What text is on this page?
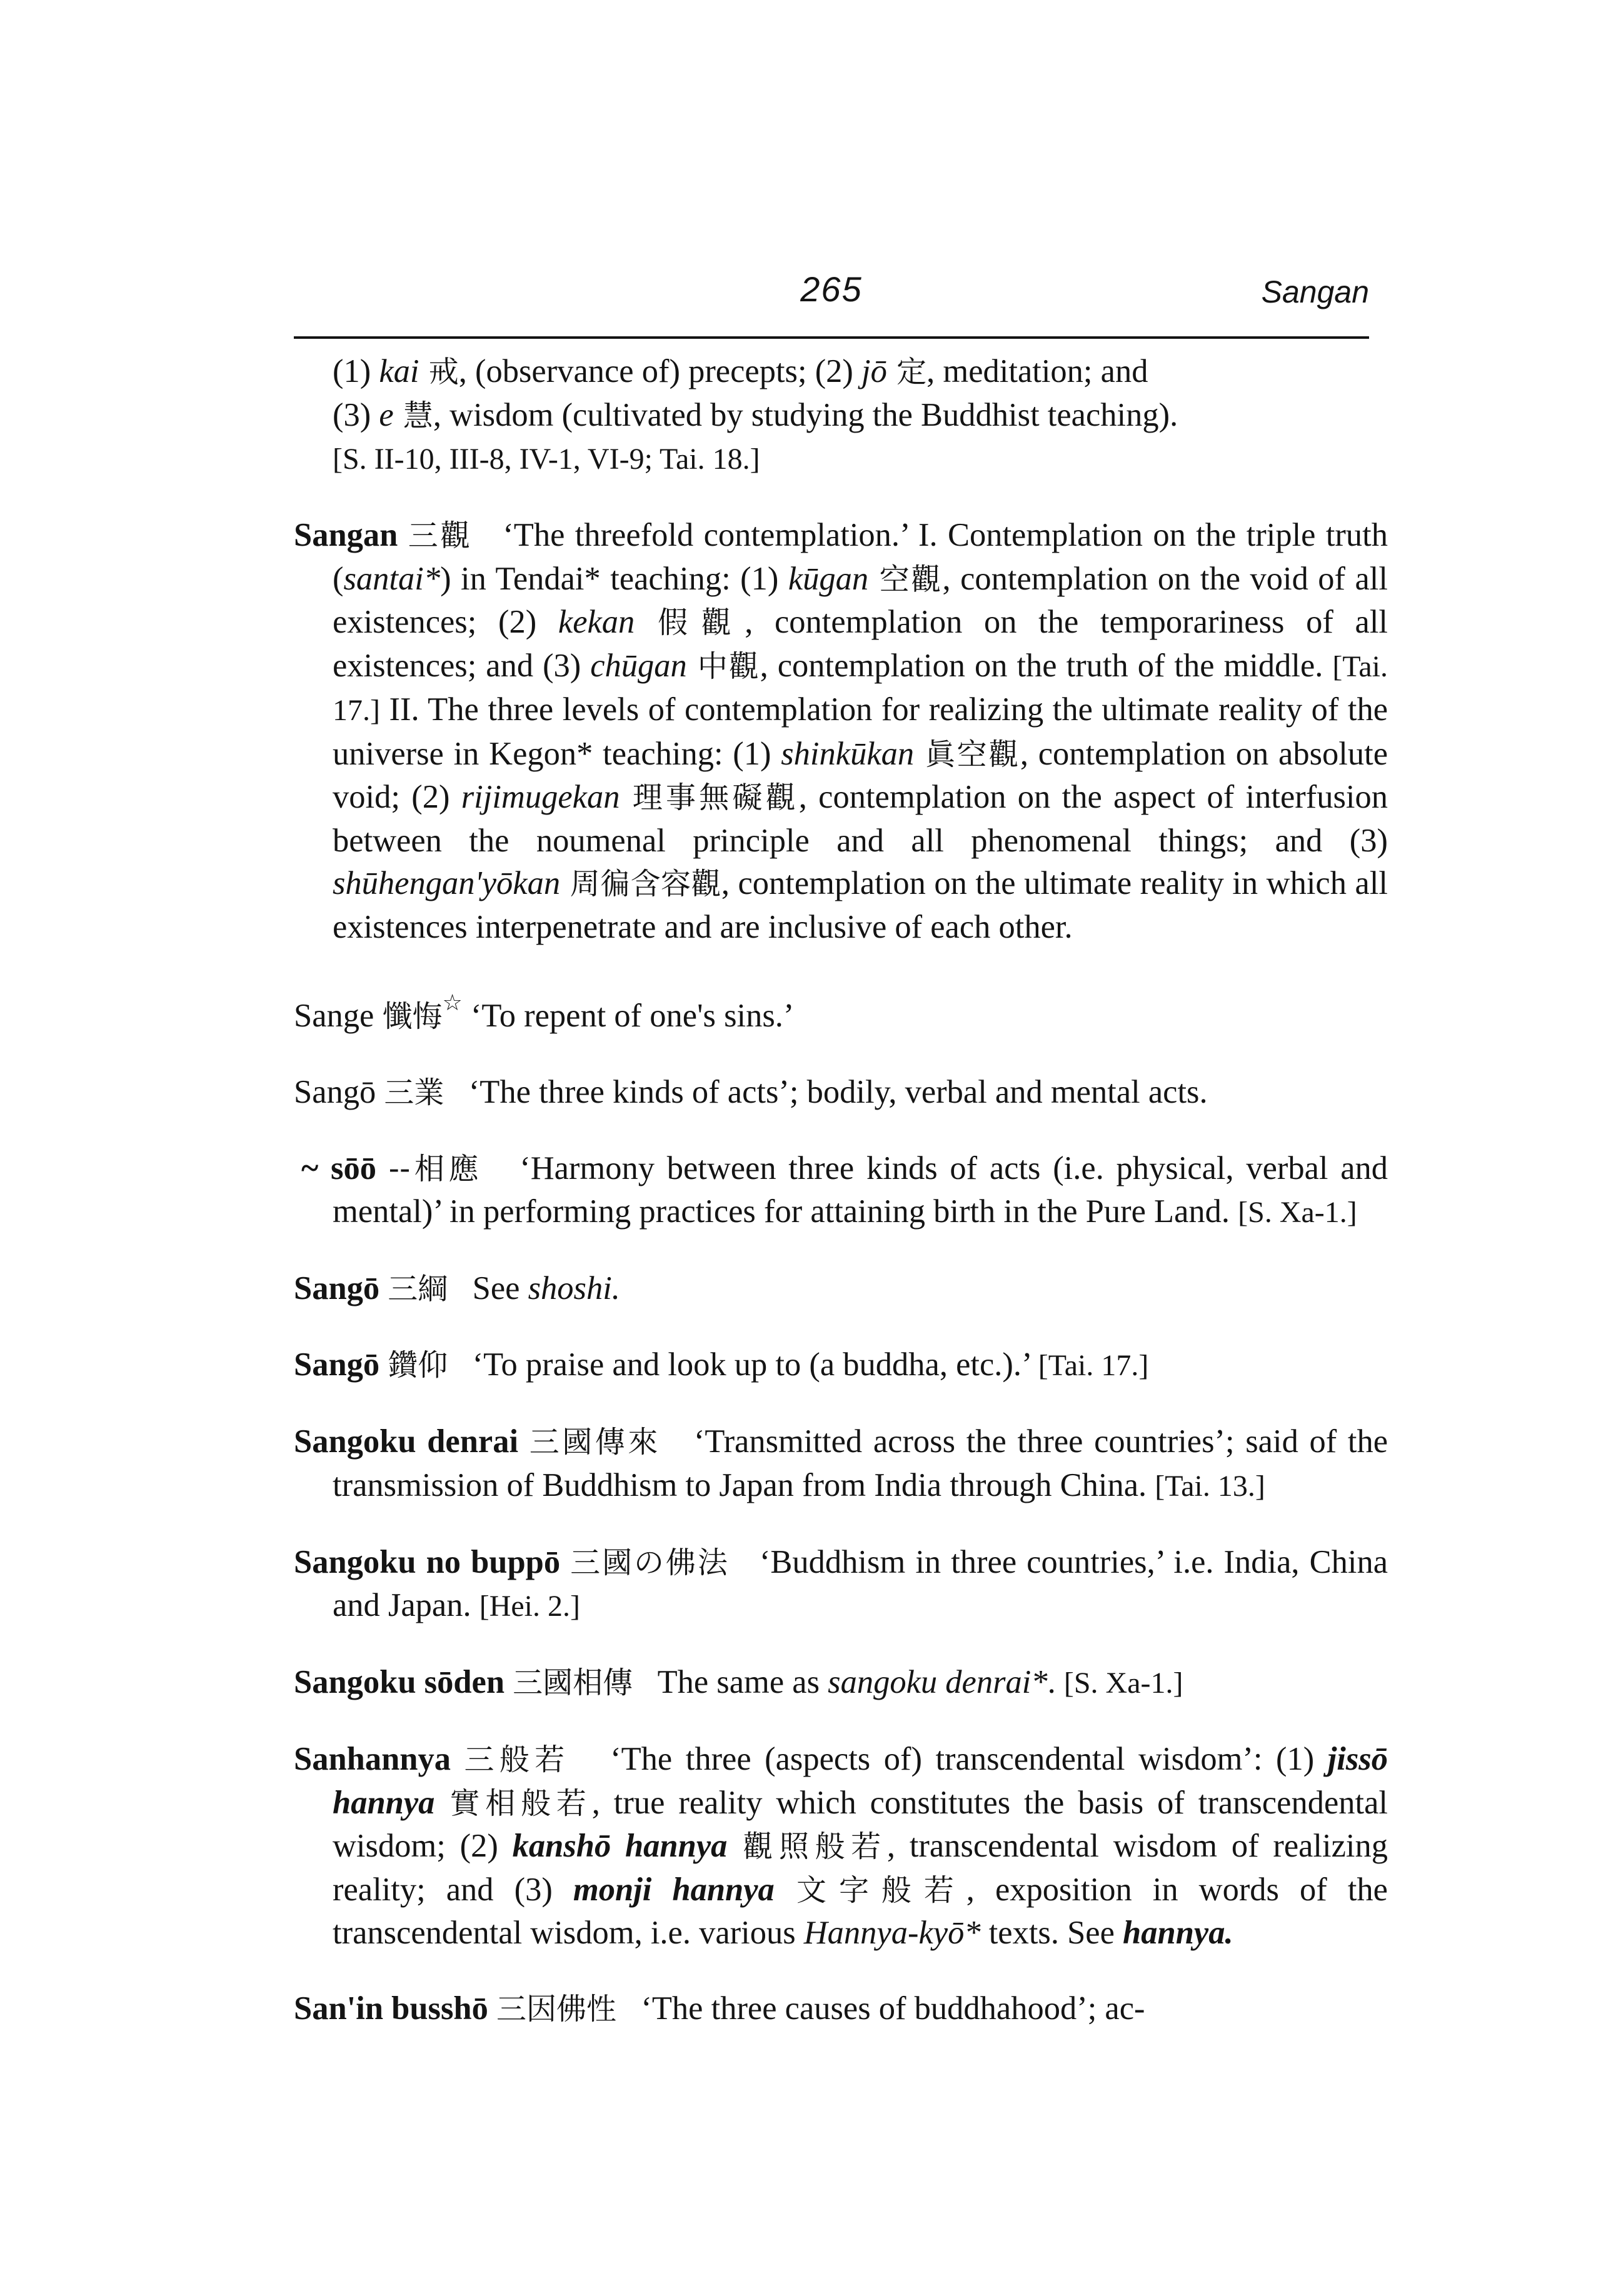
265	Sangan

(1) kai 戒, (observance of) precepts; (2) jō 定, meditation; and
(3) e 慧, wisdom (cultivated by studying the Buddhist teaching).
[S. II-10, III-8, IV-1, VI-9; Tai. 18.]

Sangan 三觀 ‘The threefold contemplation.’ I. Contemplation on the triple truth (santai*) in Tendai* teaching: (1) kūgan 空觀, contemplation on the void of all existences; (2) kekan 假觀, contemplation on the temporariness of all existences; and (3) chūgan 中觀, contemplation on the truth of the middle. [Tai. 17.] II. The three levels of contemplation for realizing the ultimate reality of the universe in Kegon* teaching: (1) shinkūkan 眞空觀, contemplation on absolute void; (2) rijimugekan 理事無礙觀, contemplation on the aspect of interfusion between the noumenal principle and all phenomenal things; and (3) shūhengan'yōkan 周徧含容觀, contemplation on the ultimate reality in which all existences interpenetrate and are inclusive of each other.

Sange 懺悔☆ ‘To repent of one's sins.’

Sangō 三業 ‘The three kinds of acts’; bodily, verbal and mental acts.

~ sōō --相應 ‘Harmony between three kinds of acts (i.e. physical, verbal and mental)’ in performing practices for attaining birth in the Pure Land. [S. Xa-1.]

Sangō 三綱 See shoshi.

Sangō 鑽仰 ‘To praise and look up to (a buddha, etc.).’ [Tai. 17.]

Sangoku denrai 三國傳來 ‘Transmitted across the three countries’; said of the transmission of Buddhism to Japan from India through China. [Tai. 13.]

Sangoku no buppō 三國の佛法 ‘Buddhism in three countries,’ i.e. India, China and Japan. [Hei. 2.]

Sangoku sōden 三國相傳 The same as sangoku denrai*. [S. Xa-1.]

Sanhannya 三般若 ‘The three (aspects of) transcendental wisdom’: (1) jissō hannya 實相般若, true reality which constitutes the basis of transcendental wisdom; (2) kanshō hannya 觀照般若, transcendental wisdom of realizing reality; and (3) monji hannya 文字般若, exposition in words of the transcendental wisdom, i.e. various Hannya-kyō* texts. See hannya.

San'in busshō 三因佛性 ‘The three causes of buddhahood’; ac-
